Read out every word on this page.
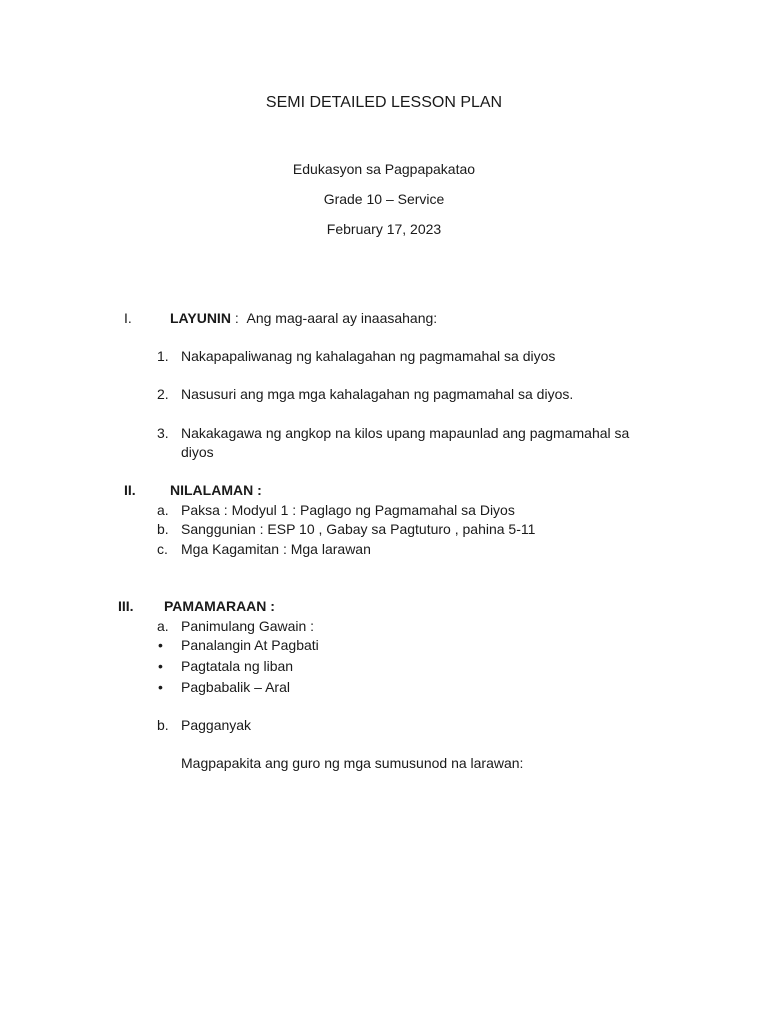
SEMI DETAILED LESSON PLAN
Edukasyon sa Pagpapakatao
Grade 10 – Service
February 17, 2023
I.	LAYUNIN : Ang mag-aaral ay inaasahang:
1. Nakapapaliwanag ng kahalagahan ng pagmamahal sa diyos
2. Nasusuri ang mga mga kahalagahan ng pagmamahal sa diyos.
3. Nakakagawa ng angkop na kilos upang mapaunlad ang pagmamahal sa
diyos
II. NILALAMAN :
a. Paksa : Modyul 1 : Paglago ng Pagmamahal sa Diyos
b. Sanggunian : ESP 10 , Gabay sa Pagtuturo , pahina 5-11
c. Mga Kagamitan : Mga larawan
III. PAMAMARAAN :
a. Panimulang Gawain :
• Panalangin At Pagbati
• Pagtatala ng liban
• Pagbabalik – Aral
b. Pagganyak
Magpapakita ang guro ng mga sumusunod na larawan:
